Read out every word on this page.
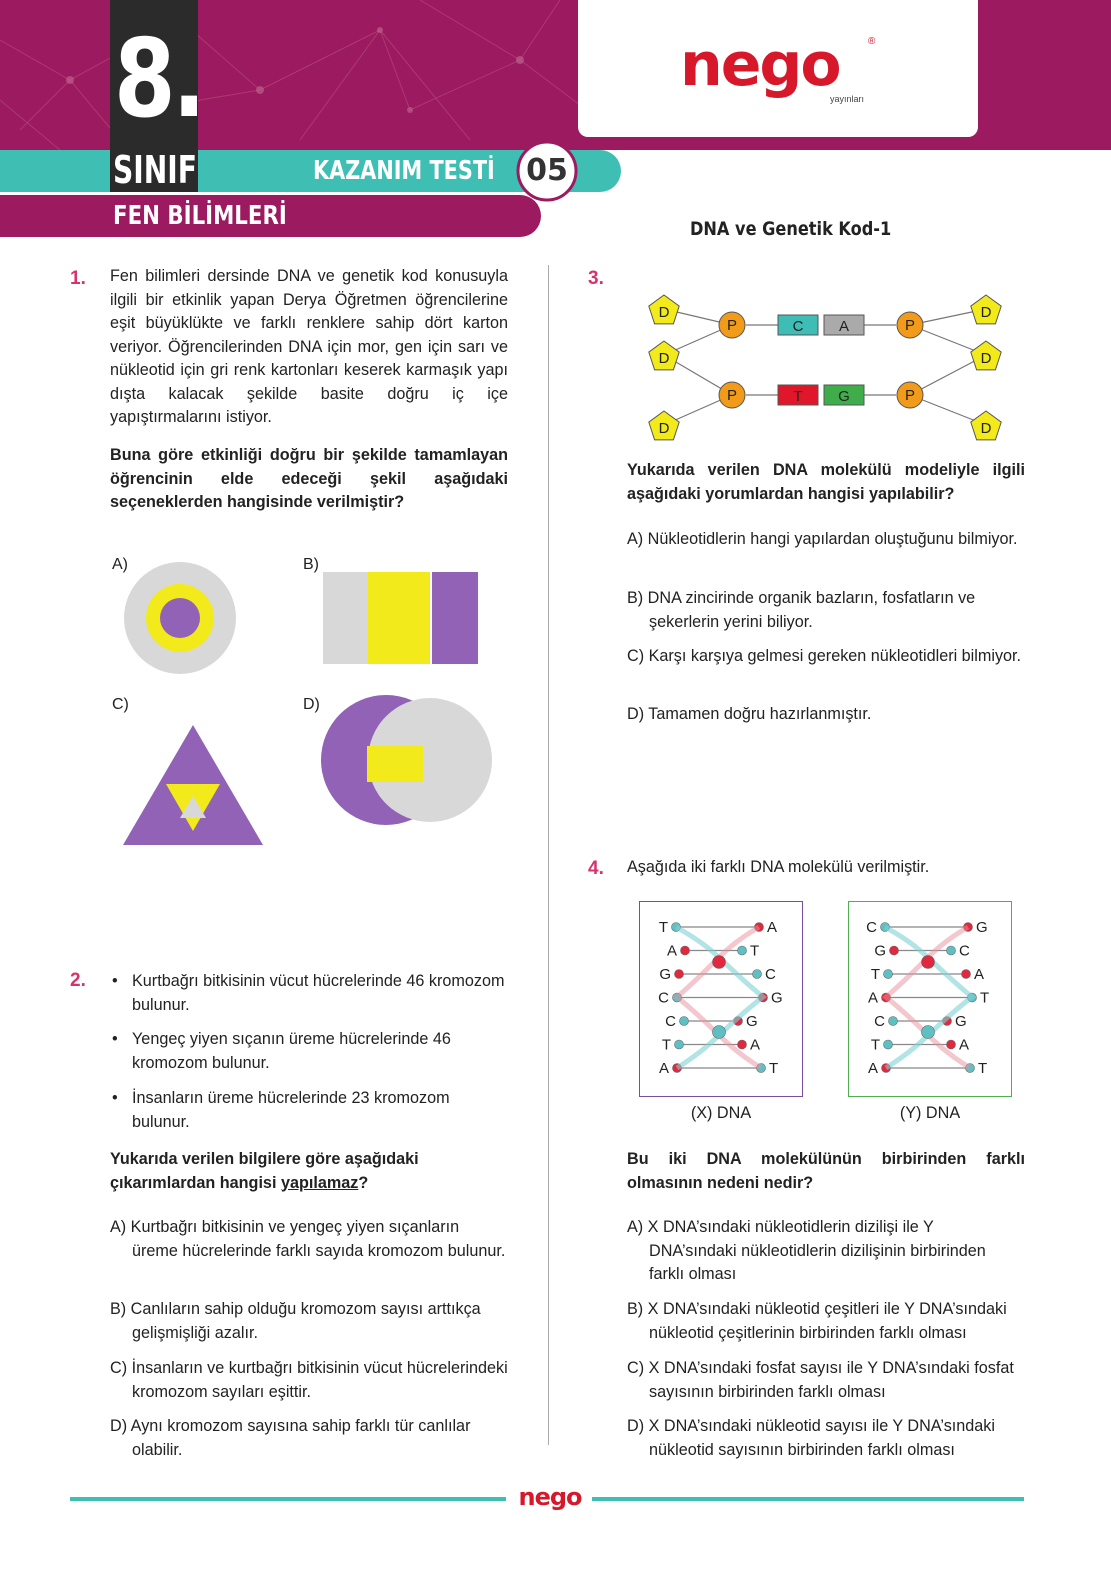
8.
SINIF	KAZANIM TESTİ 05
FEN BİLİMLERİ
nego
yayınları
®
DNA ve Genetik Kod-1
1. Fen bilimleri dersinde DNA ve genetik kod konusuyla ilgili bir etkinlik yapan Derya Öğretmen öğrencilerine eşit büyüklükte ve farklı renklere sahip dört karton veriyor. Öğrencilerinden DNA için mor, gen için sarı ve nükleotid için gri renk kartonları keserek karmaşık yapı dışta kalacak şekilde basite doğru iç içe yapıştırmalarını istiyor.
Buna göre etkinliği doğru bir şekilde tamamlayan öğrencinin elde edeceği şekil aşağıdaki seçeneklerden hangisinde verilmiştir?
A)	B)
C)	D)
2.
•	Kurtbağrı bitkisinin vücut hücrelerinde 46 kromozom bulunur.
• Yengeç yiyen sıçanın üreme hücrelerinde 46 kromozom bulunur.
• İnsanların üreme hücrelerinde 23 kromozom bulunur.
Yukarıda verilen bilgilere göre aşağıdaki çıkarımlardan hangisi yapılamaz?
A) Kurtbağrı bitkisinin ve yengeç yiyen sıçanların üreme hücrelerinde farklı sayıda kromozom bulunur.
B) Canlıların sahip olduğu kromozom sayısı arttıkça gelişmişliği azalır.
C) İnsanların ve kurtbağrı bitkisinin vücut hücrelerindeki kromozom sayıları eşittir.
D) Aynı kromozom sayısına sahip farklı tür canlılar olabilir.
3.
D
D
D
D
D
D
P	P
P	P
C A
T G
Yukarıda verilen DNA molekülü modeliyle ilgili aşağıdaki yorumlardan hangisi yapılabilir?
A) Nükleotidlerin hangi yapılardan oluştuğunu bilmiyor.
B) DNA zincirinde organik bazların, fosfatların ve şekerlerin yerini biliyor.
C) Karşı karşıya gelmesi gereken nükleotidleri bilmiyor.
D) Tamamen doğru hazırlanmıştır.
4. Aşağıda iki farklı DNA molekülü verilmiştir.
T	A
A	T
G	C
C	G
C	G
T	A
A	T
C	G
G	C
T	A
A	T
C	G
T	A
A	T
(X) DNA	(Y) DNA
Bu iki DNA molekülünün birbirinden farklı olmasının nedeni nedir?
A) X DNA’sındaki nükleotidlerin dizilişi ile Y DNA’sındaki nükleotidlerin dizilişinin birbirinden farklı olması
B) X DNA’sındaki nükleotid çeşitleri ile Y DNA’sındaki nükleotid çeşitlerinin birbirinden farklı olması
C) X DNA’sındaki fosfat sayısı ile Y DNA’sındaki fosfat sayısının birbirinden farklı olması
D) X DNA’sındaki nükleotid sayısı ile Y DNA’sındaki nükleotid sayısının birbirinden farklı olması
nego
